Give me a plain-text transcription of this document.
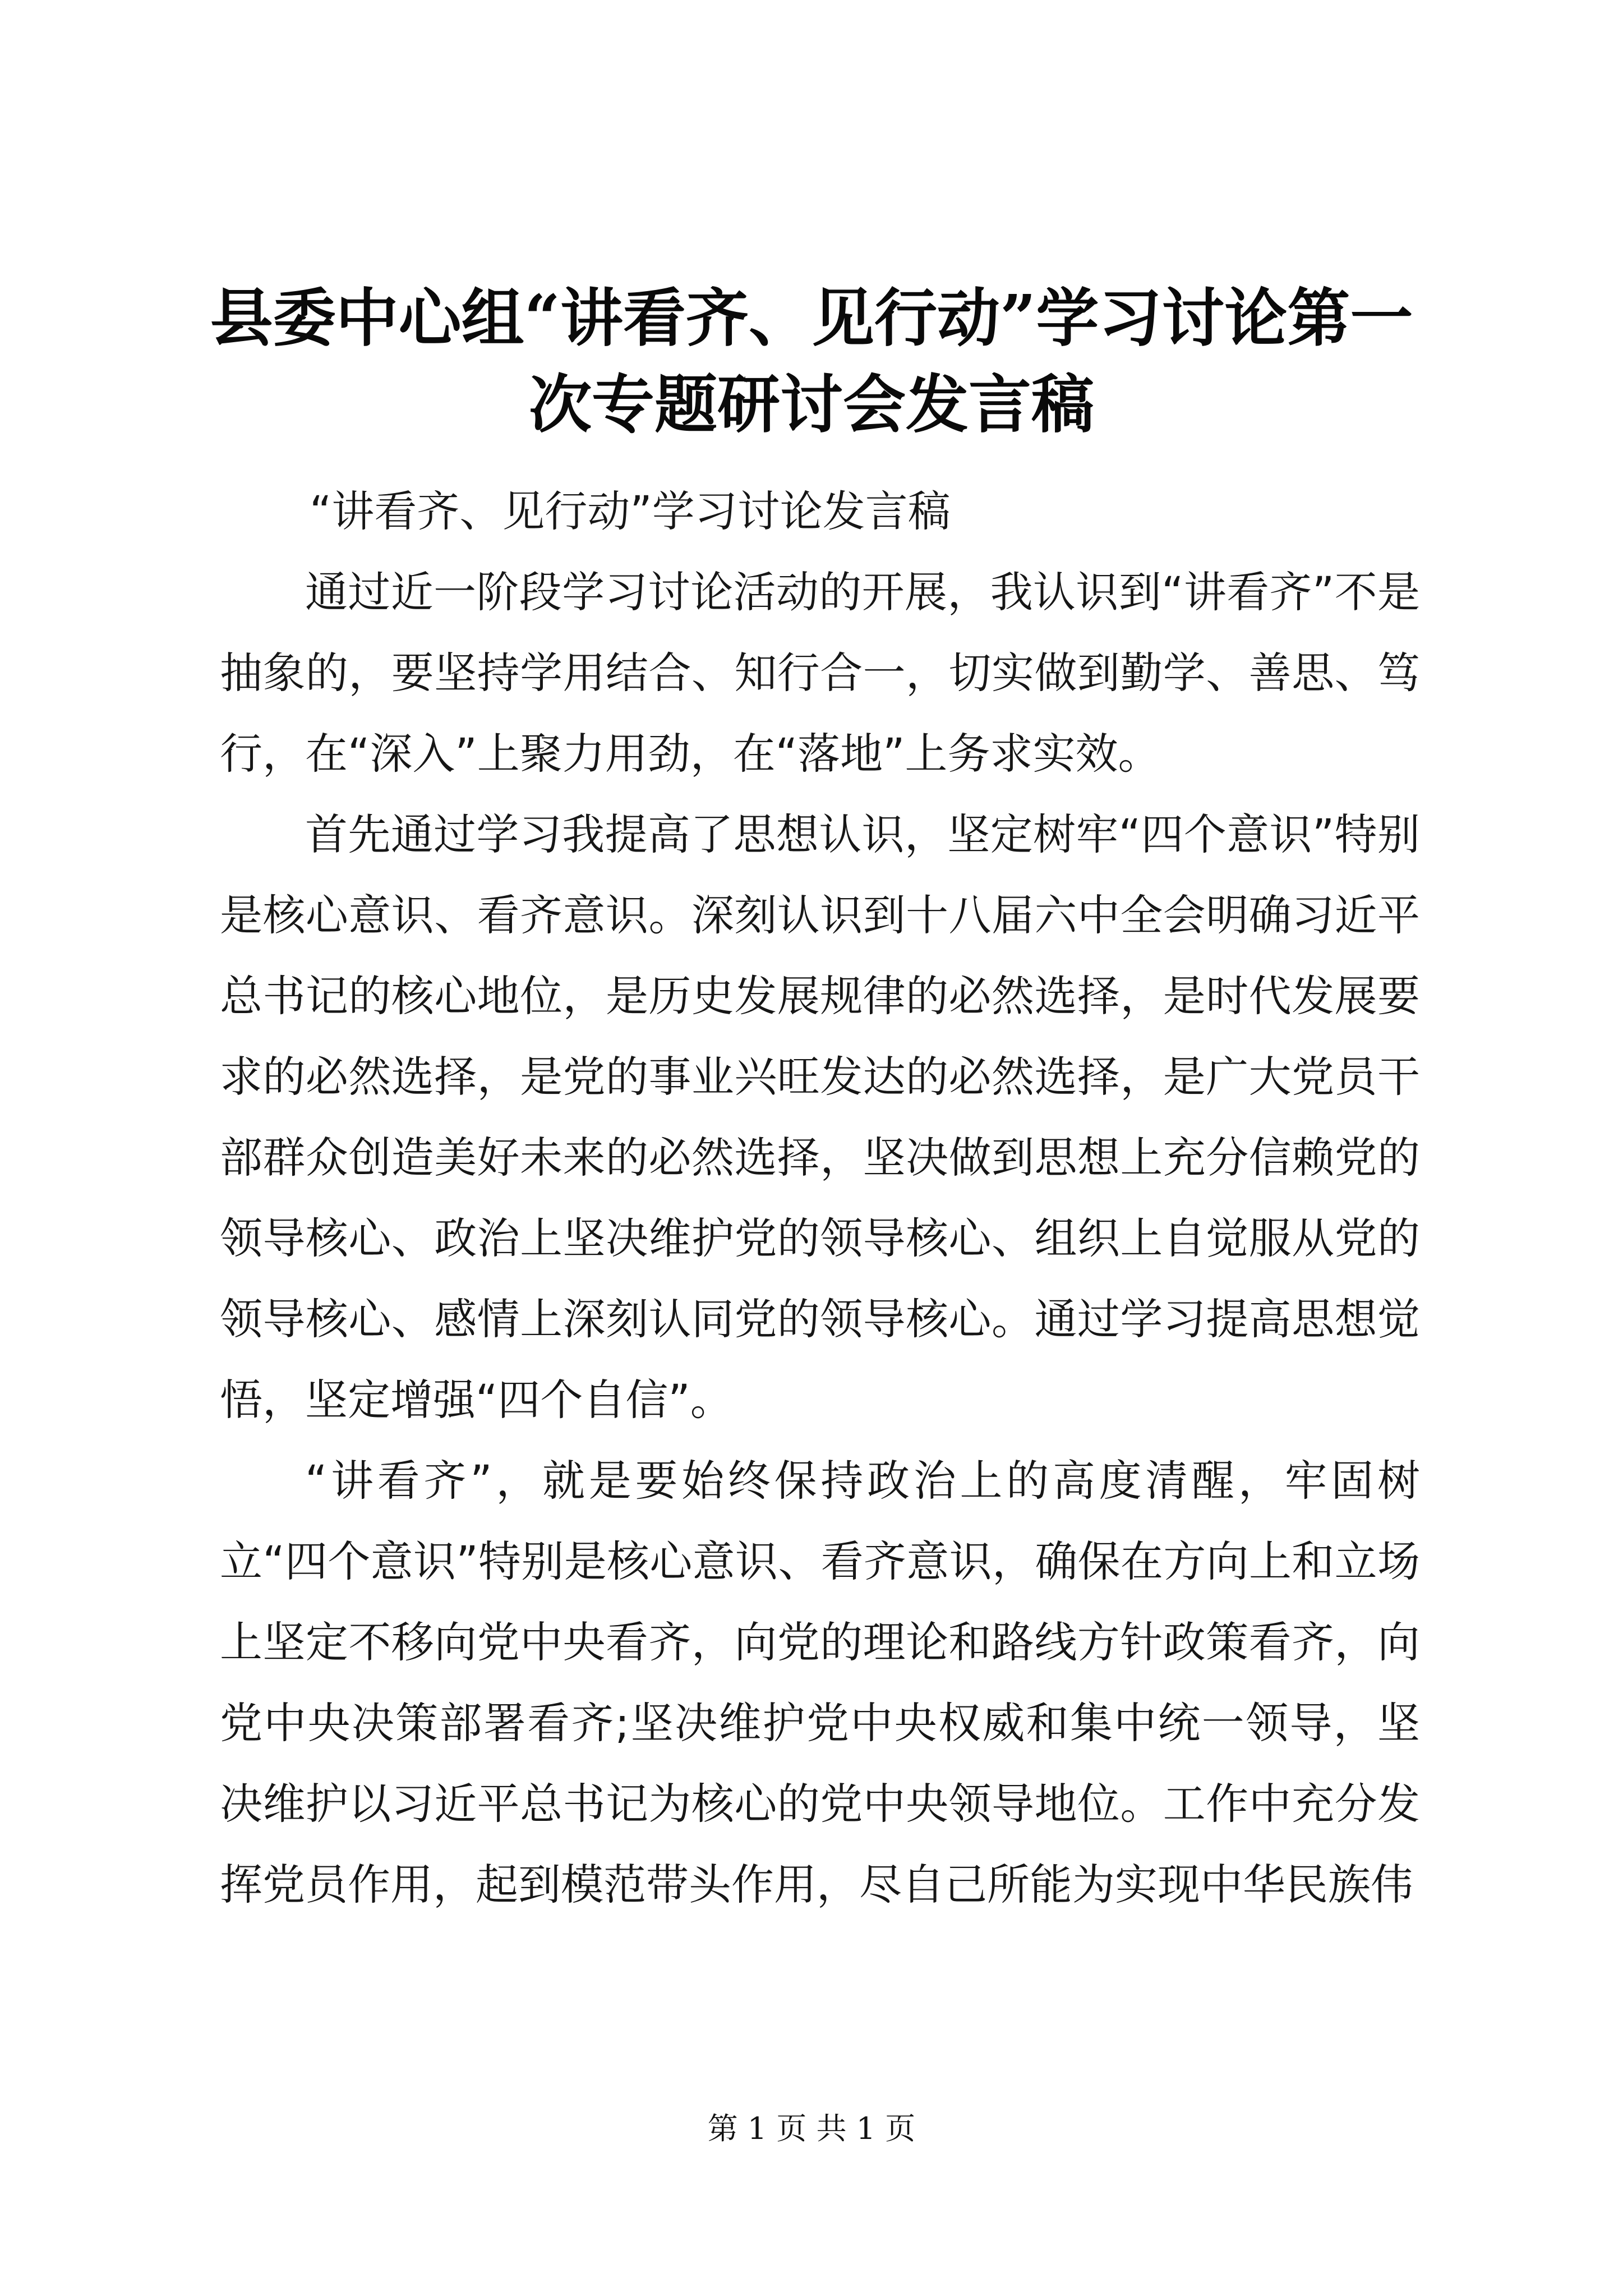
县委中心组“讲看齐、见行动”学习讨论第一
次专题研讨会发言稿

“讲看齐、见行动”学习讨论发言稿

通过近一阶段学习讨论活动的开展，我认识到“讲看齐”不是抽象的，要坚持学用结合、知行合一，切实做到勤学、善思、笃行，在“深入”上聚力用劲，在“落地”上务求实效。

首先通过学习我提高了思想认识，坚定树牢“四个意识”特别是核心意识、看齐意识。深刻认识到十八届六中全会明确习近平总书记的核心地位，是历史发展规律的必然选择，是时代发展要求的必然选择，是党的事业兴旺发达的必然选择，是广大党员干部群众创造美好未来的必然选择，坚决做到思想上充分信赖党的领导核心、政治上坚决维护党的领导核心、组织上自觉服从党的领导核心、感情上深刻认同党的领导核心。通过学习提高思想觉悟，坚定增强“四个自信”。

“讲看齐”，就是要始终保持政治上的高度清醒，牢固树立“四个意识”特别是核心意识、看齐意识，确保在方向上和立场上坚定不移向党中央看齐，向党的理论和路线方针政策看齐，向党中央决策部署看齐;坚决维护党中央权威和集中统一领导，坚决维护以习近平总书记为核心的党中央领导地位。工作中充分发挥党员作用，起到模范带头作用，尽自己所能为实现中华民族伟

第 1 页 共 1 页
